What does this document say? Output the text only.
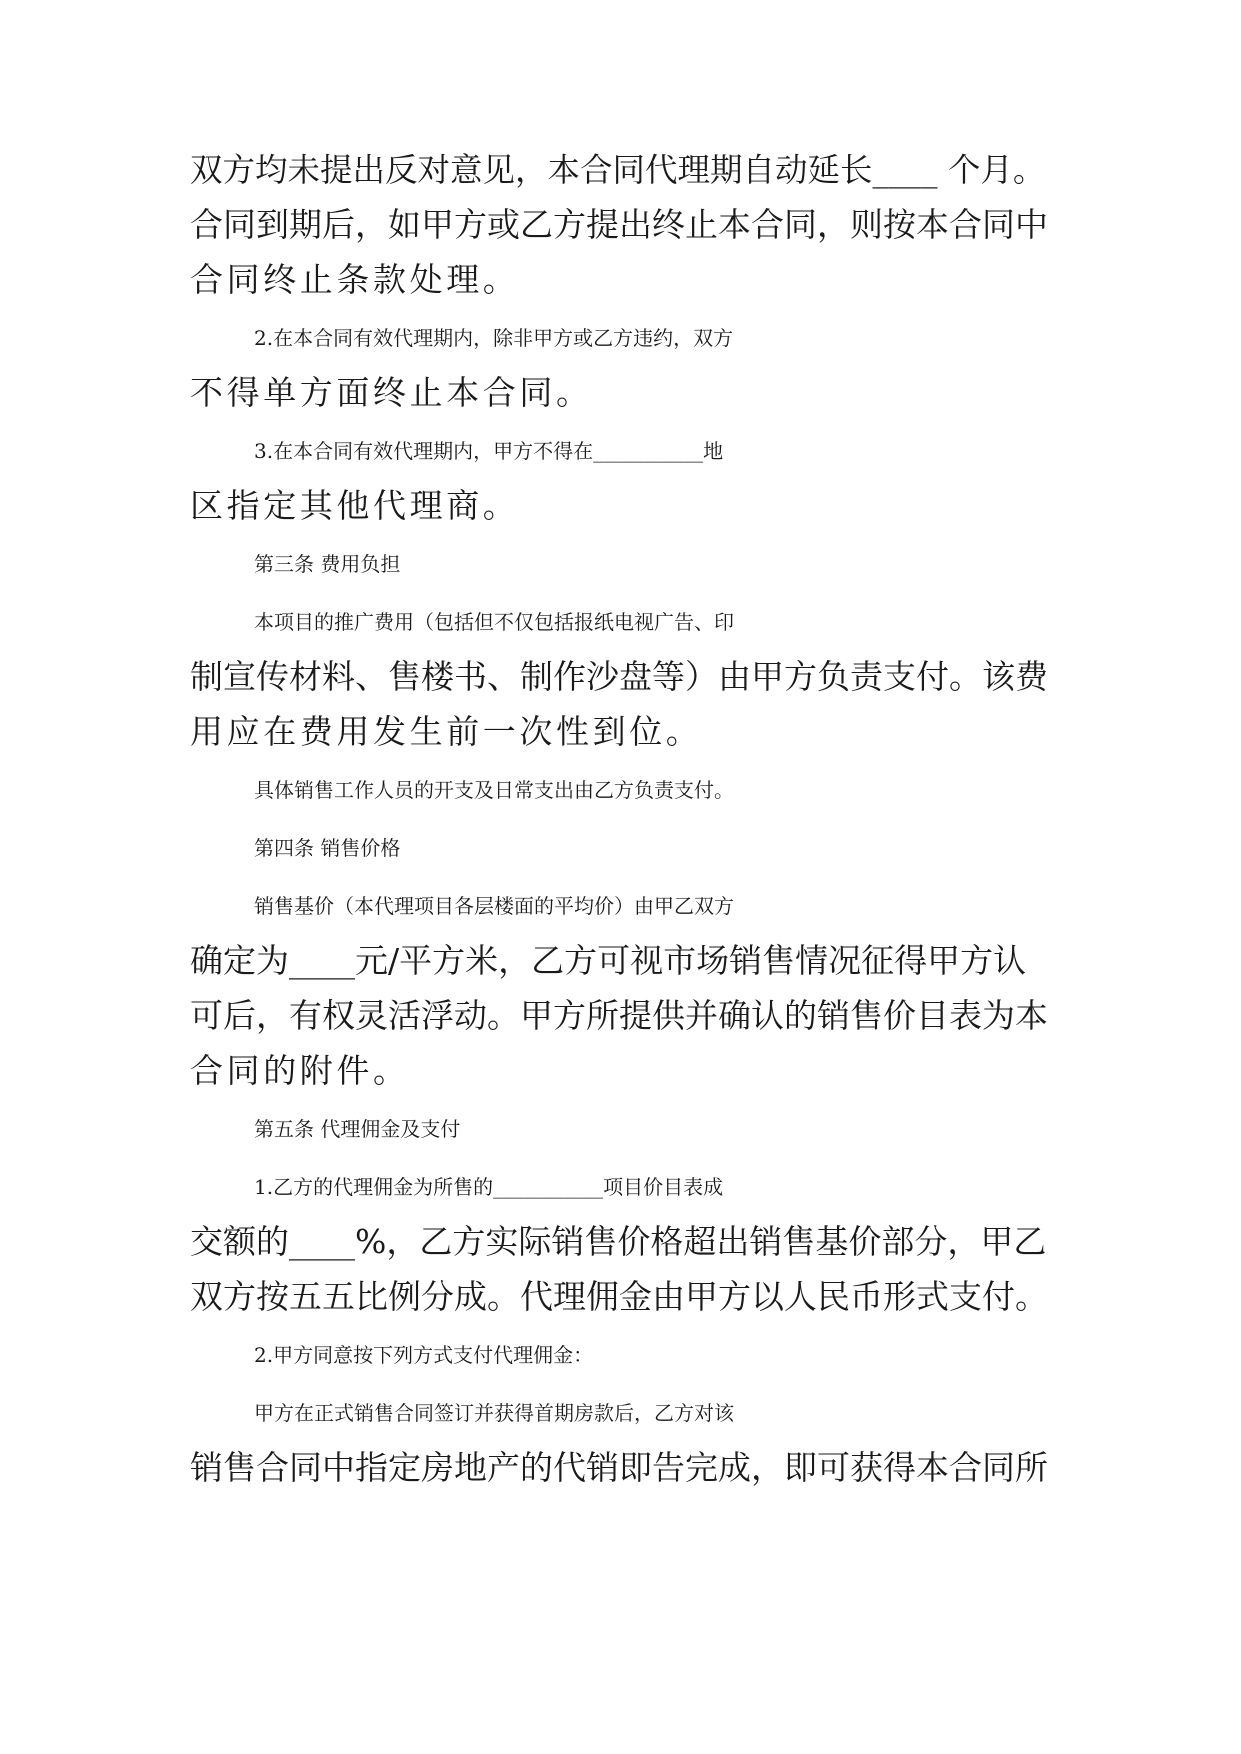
双方均未提出反对意见，本合同代理期自动延长____ 个月。
合同到期后，如甲方或乙方提出终止本合同，则按本合同中
合同终止条款处理。
2.在本合同有效代理期内，除非甲方或乙方违约，双方
不得单方面终止本合同。
3.在本合同有效代理期内，甲方不得在___________地
区指定其他代理商。
第三条 费用负担
本项目的推广费用（包括但不仅包括报纸电视广告、印
制宣传材料、售楼书、制作沙盘等）由甲方负责支付。该费
用应在费用发生前一次性到位。
具体销售工作人员的开支及日常支出由乙方负责支付。
第四条 销售价格
销售基价（本代理项目各层楼面的平均价）由甲乙双方
确定为____元/平方米，乙方可视市场销售情况征得甲方认
可后，有权灵活浮动。甲方所提供并确认的销售价目表为本
合同的附件。
第五条 代理佣金及支付
1.乙方的代理佣金为所售的___________项目价目表成
交额的____%，乙方实际销售价格超出销售基价部分，甲乙
双方按五五比例分成。代理佣金由甲方以人民币形式支付。
2.甲方同意按下列方式支付代理佣金：
甲方在正式销售合同签订并获得首期房款后，乙方对该
销售合同中指定房地产的代销即告完成，即可获得本合同所
